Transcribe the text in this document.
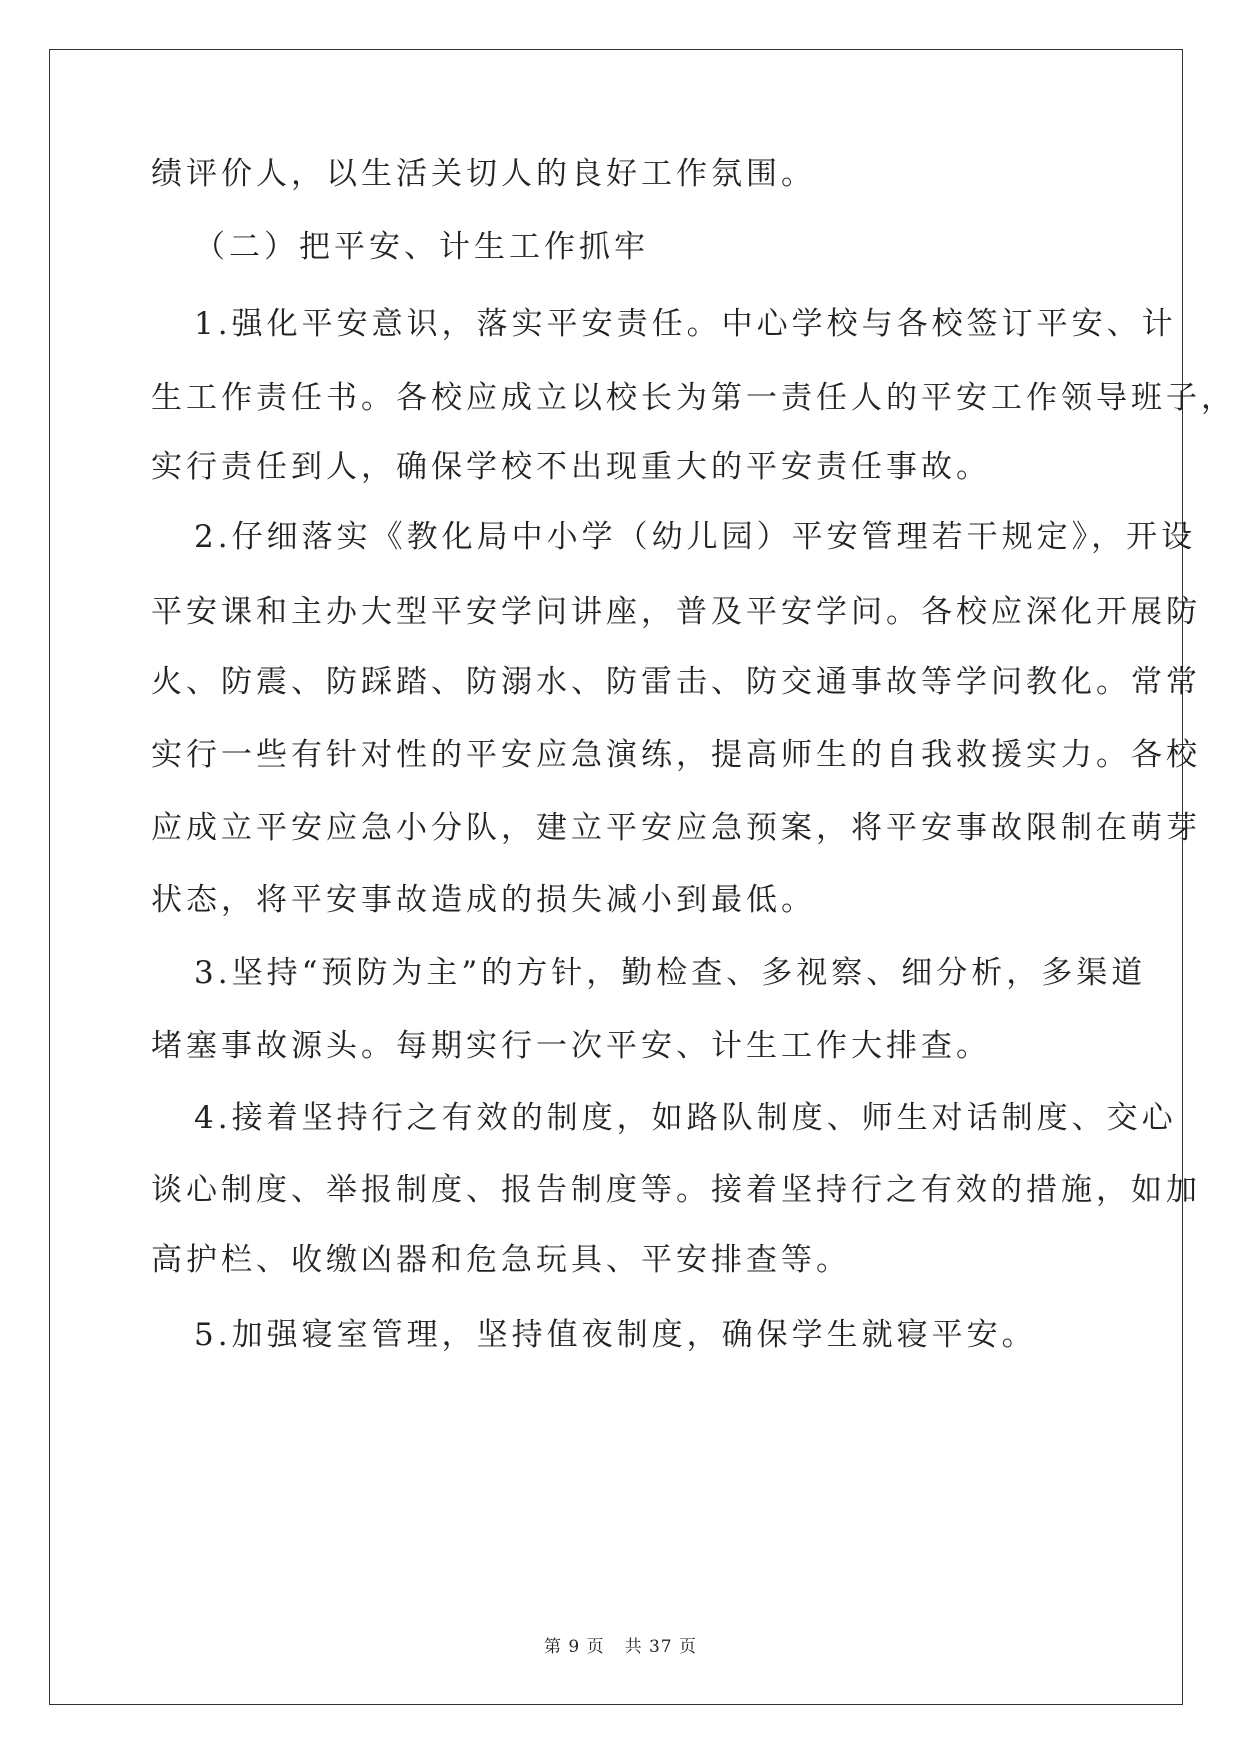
绩评价人，以生活关切人的良好工作氛围。
（二）把平安、计生工作抓牢
1.强化平安意识，落实平安责任。中心学校与各校签订平安、计
生工作责任书。各校应成立以校长为第一责任人的平安工作领导班子，
实行责任到人，确保学校不出现重大的平安责任事故。
2.仔细落实《教化局中小学（幼儿园）平安管理若干规定》，开设
平安课和主办大型平安学问讲座，普及平安学问。各校应深化开展防
火、防震、防踩踏、防溺水、防雷击、防交通事故等学问教化。常常
实行一些有针对性的平安应急演练，提高师生的自我救援实力。各校
应成立平安应急小分队，建立平安应急预案，将平安事故限制在萌芽
状态，将平安事故造成的损失减小到最低。
3.坚持“预防为主”的方针，勤检查、多视察、细分析，多渠道
堵塞事故源头。每期实行一次平安、计生工作大排查。
4.接着坚持行之有效的制度，如路队制度、师生对话制度、交心
谈心制度、举报制度、报告制度等。接着坚持行之有效的措施，如加
高护栏、收缴凶器和危急玩具、平安排查等。
5.加强寝室管理，坚持值夜制度，确保学生就寝平安。
第 9 页 共 37 页
